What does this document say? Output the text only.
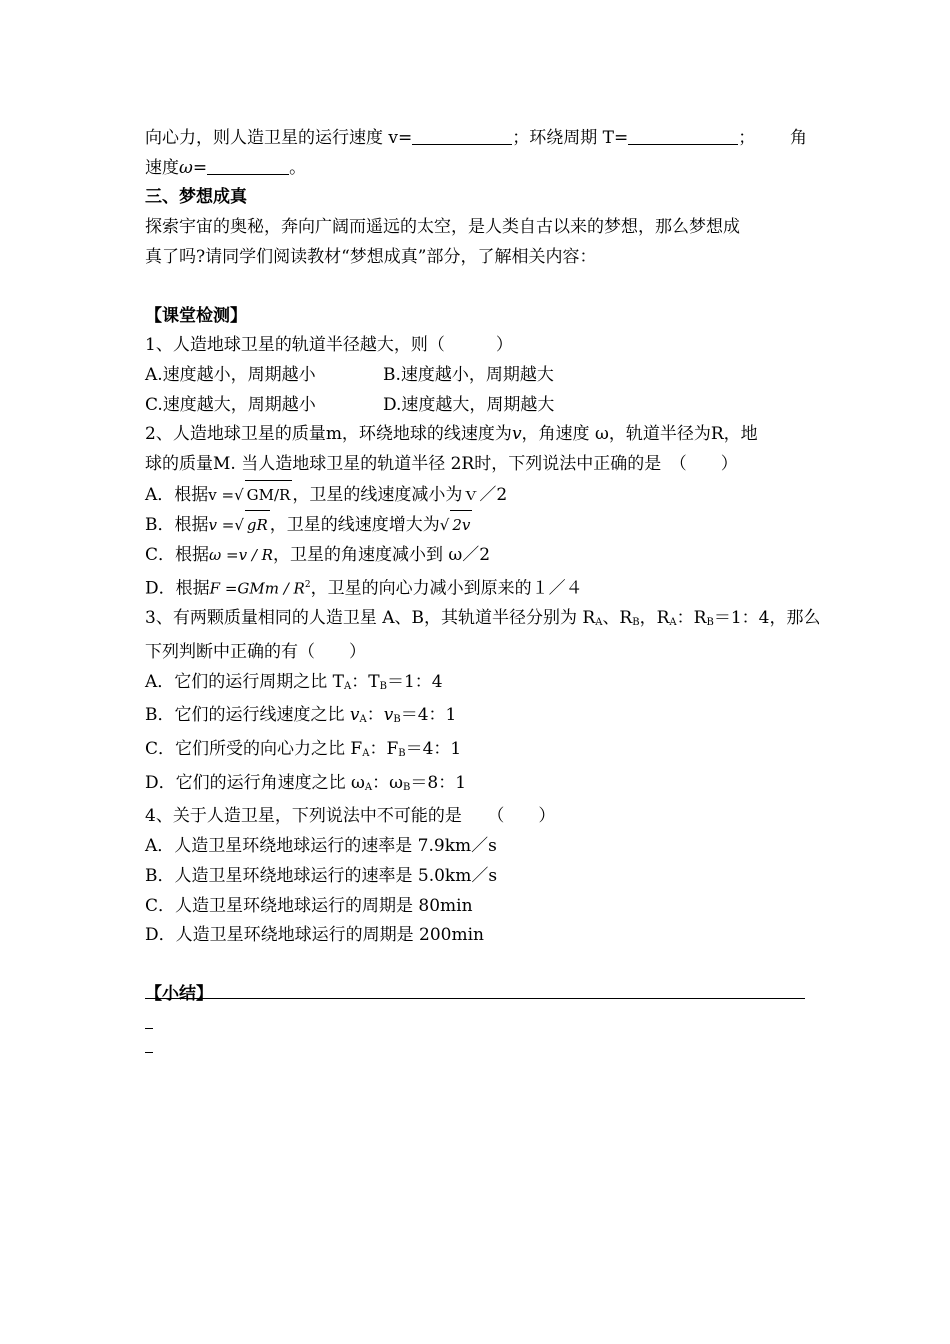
向心力，则人造卫星的运行速度 v=	；环绕周期 T=	； 角
速度ω=	。
三、梦想成真
探索宇宙的奥秘，奔向广阔而遥远的太空，是人类自古以来的梦想，那么梦想成
真了吗?请同学们阅读教材“梦想成真”部分，了解相关内容：
【课堂检测】
1、人造地球卫星的轨道半径越大，则（　　　）
A.速度越小，周期越小	B.速度越小，周期越大
C.速度越大，周期越小	D.速度越大，周期越大
2、人造地球卫星的质量m，环绕地球的线速度为v，角速度 ω，轨道半径为R，地
球的质量M. 当人造地球卫星的轨道半径 2R时，下列说法中正确的是　（　　）
A．根据v =√ GM/R ，卫星的线速度减小为ｖ／2
B．根据v =√ gR ，卫星的线速度增大为√ 2v
C．根据ω =v / R，卫星的角速度减小到 ω／2
D．根据$F =GMm / R^2$，卫星的向心力减小到原来的１／４
3、有两颗质量相同的人造卫星 A、B，其轨道半径分别为 $R_A$、$R_B$，$R_A$：$R_B=1$：4，那么
下列判断中正确的有（　　）
A．它们的运行周期之比 $T_A$：$T_B=1$：4
B．它们的运行线速度之比 $v_A$：$v_B=4$：1
C．它们所受的向心力之比 $F_A$：$F_B=4$：1
D．它们的运行角速度之比 $\omega_A$：$\omega_B=8$：1
4、关于人造卫星，下列说法中不可能的是　　（　　）
A．人造卫星环绕地球运行的速率是 7.9km／s
B．人造卫星环绕地球运行的速率是 5.0km／s
C．人造卫星环绕地球运行的周期是 80min
D．人造卫星环绕地球运行的周期是 200min
【小结】
